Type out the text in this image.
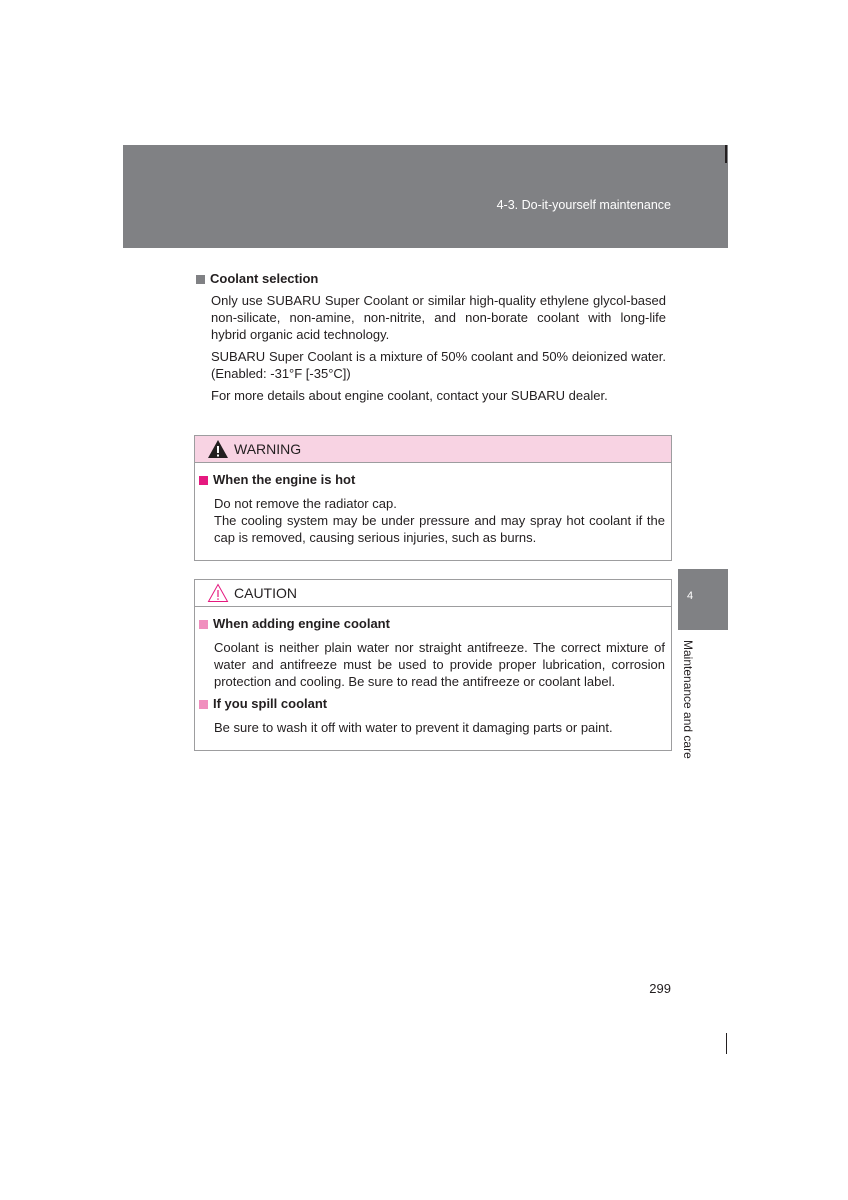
4-3. Do-it-yourself maintenance
Coolant selection

Only use SUBARU Super Coolant or similar high-quality ethylene glycol-based non-silicate, non-amine, non-nitrite, and non-borate coolant with long-life hybrid organic acid technology.

SUBARU Super Coolant is a mixture of 50% coolant and 50% deionized water. (Enabled: -31°F [-35°C])

For more details about engine coolant, contact your SUBARU dealer.

WARNING
When the engine is hot

Do not remove the radiator cap.
The cooling system may be under pressure and may spray hot coolant if the cap is removed, causing serious injuries, such as burns.

CAUTION
When adding engine coolant

Coolant is neither plain water nor straight antifreeze. The correct mixture of water and antifreeze must be used to provide proper lubrication, corrosion protection and cooling. Be sure to read the antifreeze or coolant label.

If you spill coolant

Be sure to wash it off with water to prevent it damaging parts or paint.

4
Maintenance and care
299
